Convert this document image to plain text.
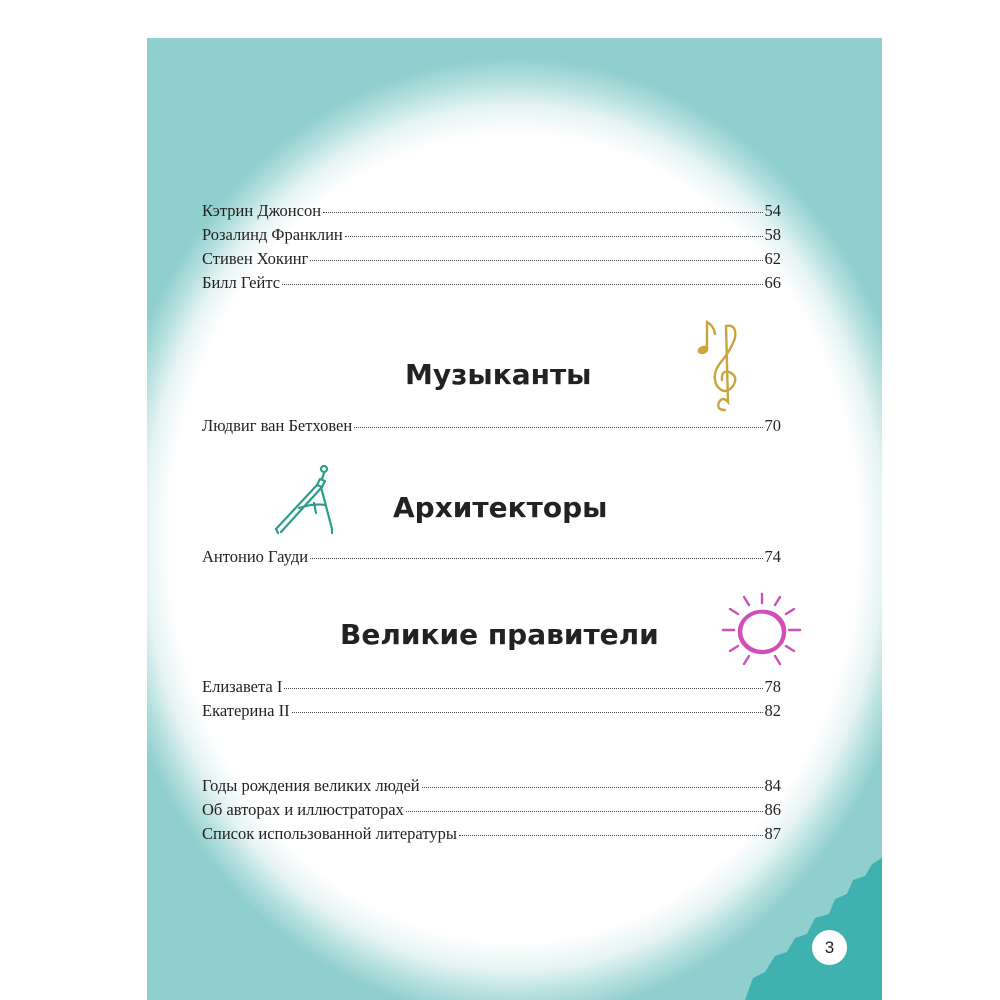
Кэтрин Джонсон	54
Розалинд Франклин	58
Стивен Хокинг	62
Билл Гейтс	66
Музыканты
Людвиг ван Бетховен	70
Архитекторы
Антонио Гауди	74
Великие правители
Елизавета I	78
Екатерина II	82
Годы рождения великих людей	84
Об авторах и иллюстраторах	86
Список использованной литературы	87
3
